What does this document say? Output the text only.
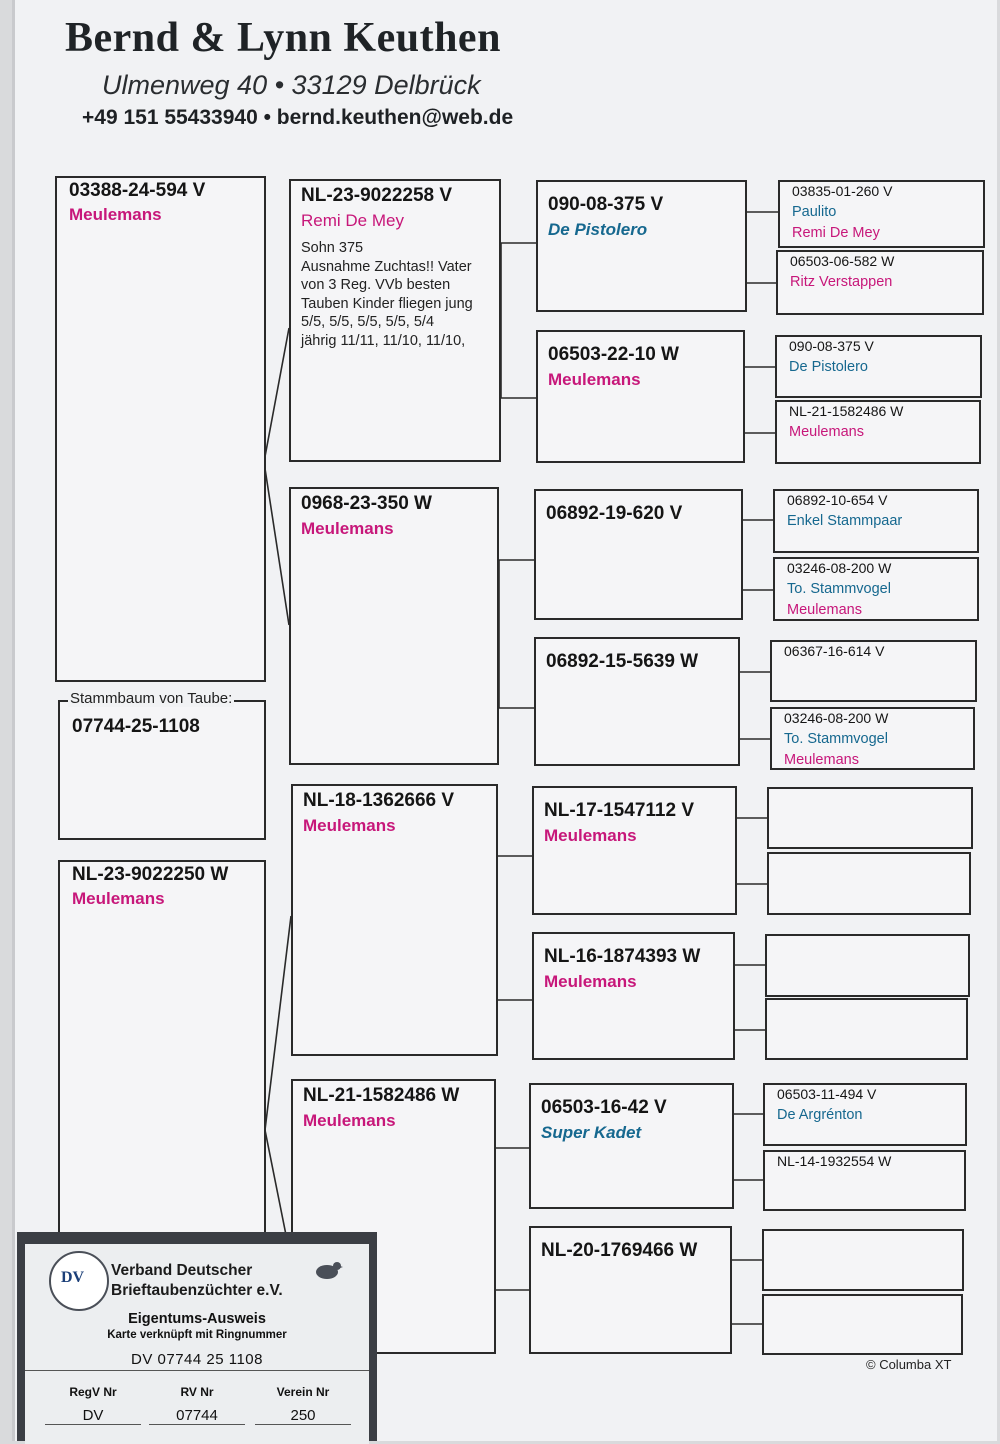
Bernd & Lynn Keuthen
Ulmenweg 40 • 33129 Delbrück
+49 151 55433940 • bernd.keuthen@web.de
03388-24-594 V
Meulemans
07744-25-1108
Stammbaum von Taube:
NL-23-9022250 W
Meulemans
NL-23-9022258 V
Remi De Mey
Sohn 375
Ausnahme Zuchtas!! Vater
von 3 Reg. VVb besten
Tauben Kinder fliegen jung
5/5, 5/5, 5/5, 5/5, 5/4
jährig 11/11, 11/10, 11/10,
0968-23-350 W
Meulemans
NL-18-1362666 V
Meulemans
NL-21-1582486 W
Meulemans
090-08-375 V
De Pistolero
06503-22-10 W
Meulemans
06892-19-620 V
06892-15-5639 W
NL-17-1547112 V
Meulemans
NL-16-1874393 W
Meulemans
06503-16-42 V
Super Kadet
NL-20-1769466 W
03835-01-260 V
Paulito
Remi De Mey
06503-06-582 W
Ritz Verstappen
090-08-375 V
De Pistolero
NL-21-1582486 W
Meulemans
06892-10-654 V
Enkel Stammpaar
03246-08-200 W
To. Stammvogel
Meulemans
06367-16-614 V
03246-08-200 W
To. Stammvogel
Meulemans
06503-11-494 V
De Argrénton
NL-14-1932554 W
© Columba XT
DV Verband Deutscher
Brieftaubenzüchter e.V.
Eigentums-Ausweis
Karte verknüpft mit Ringnummer
DV 07744 25 1108
RegV Nr
DV
RV Nr
07744
Verein Nr
250
